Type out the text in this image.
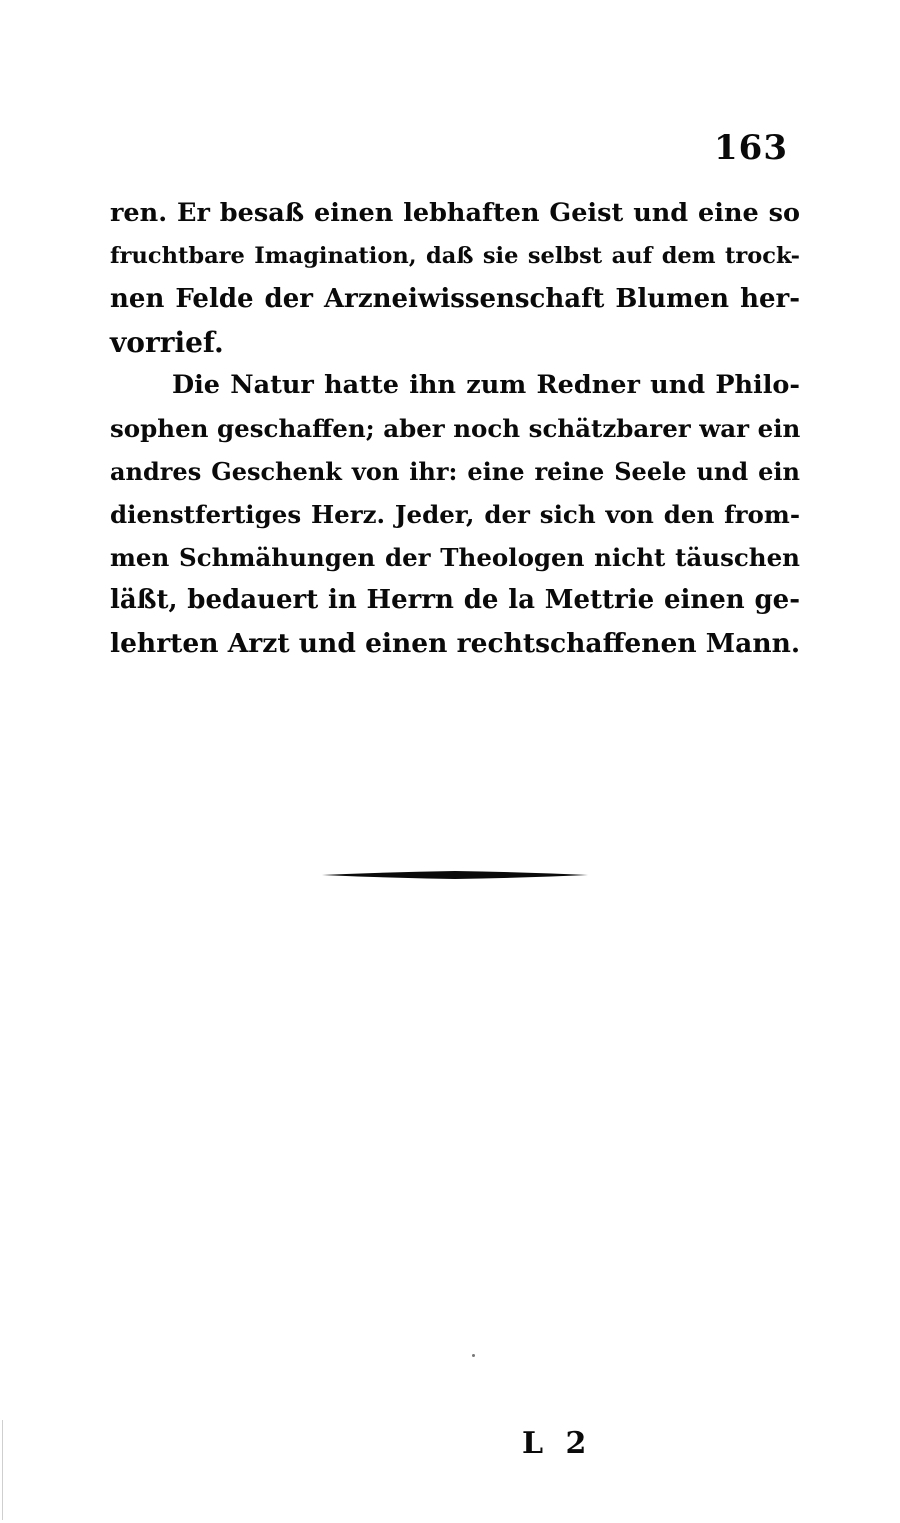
163
ren. Er besaß einen lebhaften Geist und eine so
fruchtbare Imagination, daß sie selbst auf dem trock-
nen Felde der Arzneiwissenschaft Blumen her-
vorrief.
Die Natur hatte ihn zum Redner und Philo-
sophen geschaffen; aber noch schätzbarer war ein
andres Geschenk von ihr: eine reine Seele und ein
dienstfertiges Herz. Jeder, der sich von den from-
men Schmähungen der Theologen nicht täuschen
läßt, bedauert in Herrn de la Mettrie einen ge-
lehrten Arzt und einen rechtschaffenen Mann.
L 2
